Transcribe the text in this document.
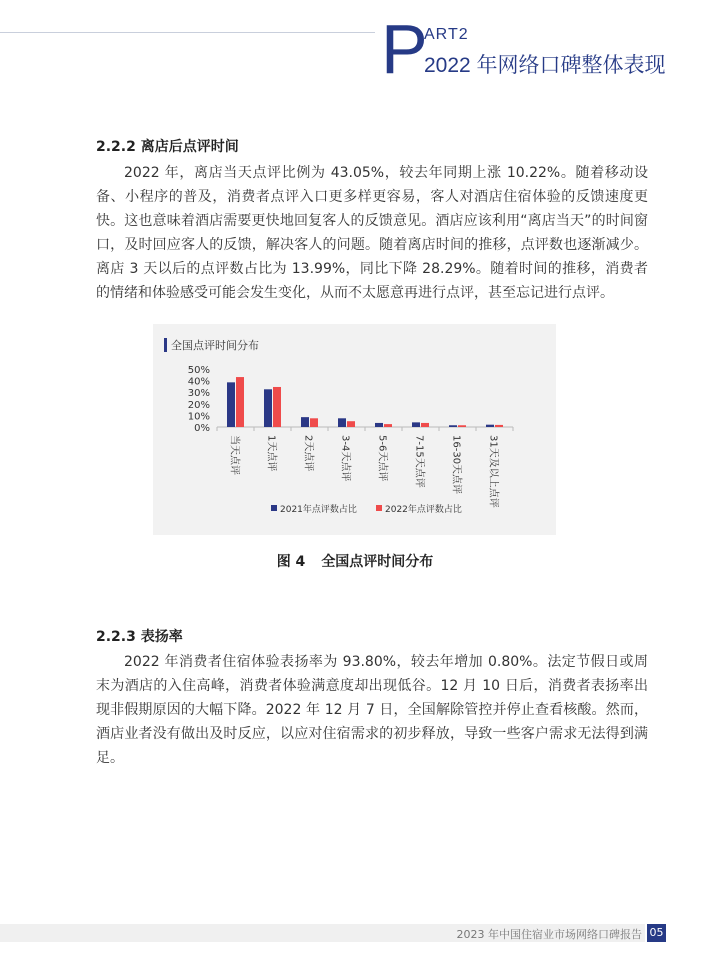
P
ART2
2022 年网络口碑整体表现
2.2.2 离店后点评时间

2022 年，离店当天点评比例为 43.05%，较去年同期上涨 10.22%。随着移动设备、小程序的普及，消费者点评入口更多样更容易，客人对酒店住宿体验的反馈速度更快。这也意味着酒店需要更快地回复客人的反馈意见。酒店应该利用“离店当天”的时间窗口，及时回应客人的反馈，解决客人的问题。随着离店时间的推移，点评数也逐渐减少。离店 3 天以后的点评数占比为 13.99%，同比下降 28.29%。随着时间的推移，消费者的情绪和体验感受可能会发生变化，从而不太愿意再进行点评，甚至忘记进行点评。

全国点评时间分布
0%
10%
20%
30%
40%
50%
当天点评	1天点评	2天点评	3-4天点评	5-6天点评	7-15天点评	16-30天点评	31天及以上点评
2021年点评数占比	2022年点评数占比
图 4 全国点评时间分布
2.2.3 表扬率

2022 年消费者住宿体验表扬率为 93.80%，较去年增加 0.80%。法定节假日或周末为酒店的入住高峰，消费者体验满意度却出现低谷。12 月 10 日后，消费者表扬率出现非假期原因的大幅下降。2022 年 12 月 7 日，全国解除管控并停止查看核酸。然而，酒店业者没有做出及时反应，以应对住宿需求的初步释放，导致一些客户需求无法得到满足。

2023 年中国住宿业市场网络口碑报告 05
